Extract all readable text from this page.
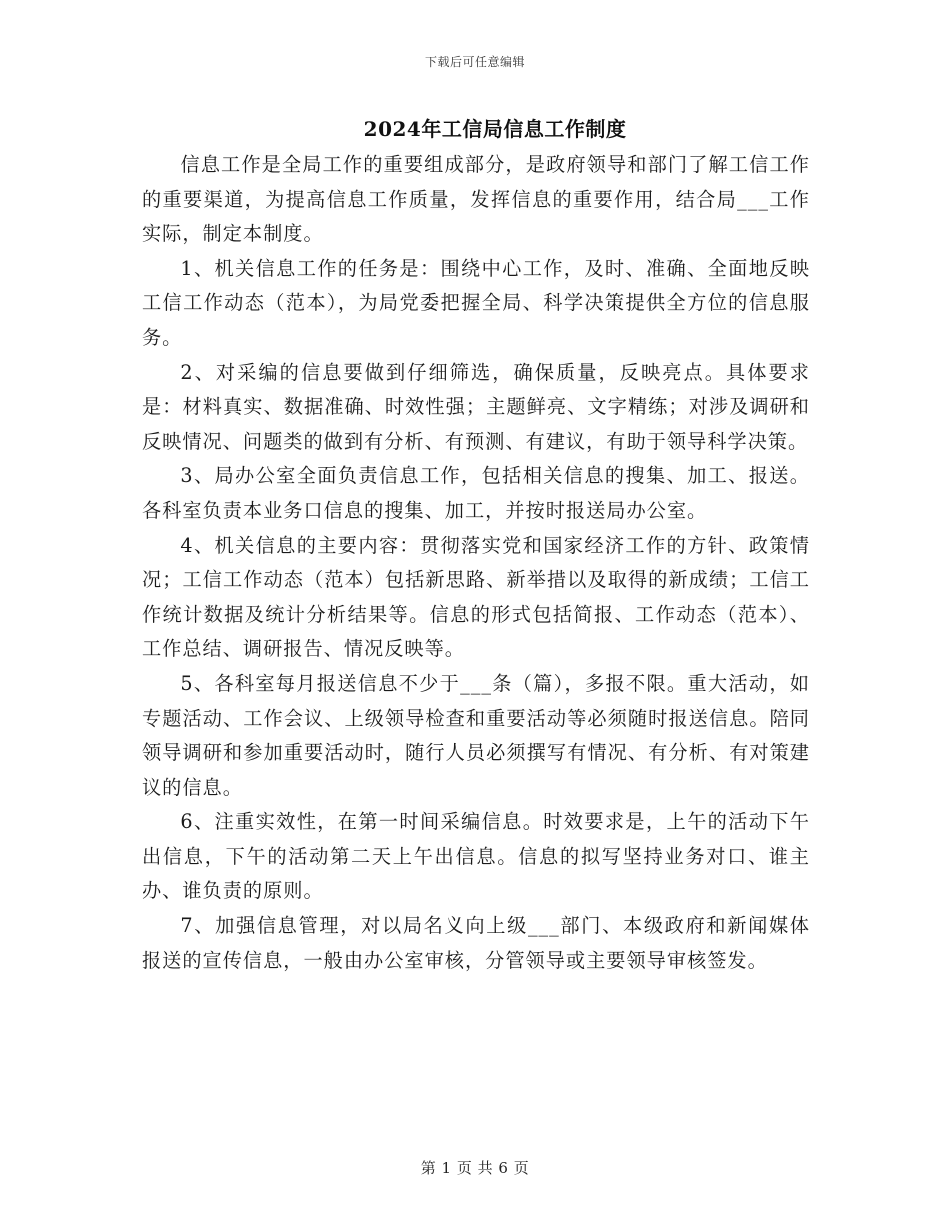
下载后可任意编辑
2024年工信局信息工作制度

信息工作是全局工作的重要组成部分，是政府领导和部门了解工信工作的重要渠道，为提高信息工作质量，发挥信息的重要作用，结合局___工作实际，制定本制度。

1、机关信息工作的任务是：围绕中心工作，及时、准确、全面地反映工信工作动态（范本），为局党委把握全局、科学决策提供全方位的信息服务。

2、对采编的信息要做到仔细筛选，确保质量，反映亮点。具体要求是：材料真实、数据准确、时效性强；主题鲜亮、文字精练；对涉及调研和反映情况、问题类的做到有分析、有预测、有建议，有助于领导科学决策。

3、局办公室全面负责信息工作，包括相关信息的搜集、加工、报送。各科室负责本业务口信息的搜集、加工，并按时报送局办公室。

4、机关信息的主要内容：贯彻落实党和国家经济工作的方针、政策情况；工信工作动态（范本）包括新思路、新举措以及取得的新成绩；工信工作统计数据及统计分析结果等。信息的形式包括简报、工作动态（范本）、工作总结、调研报告、情况反映等。

5、各科室每月报送信息不少于___条（篇），多报不限。重大活动，如专题活动、工作会议、上级领导检查和重要活动等必须随时报送信息。陪同领导调研和参加重要活动时，随行人员必须撰写有情况、有分析、有对策建议的信息。

6、注重实效性，在第一时间采编信息。时效要求是，上午的活动下午出信息，下午的活动第二天上午出信息。信息的拟写坚持业务对口、谁主办、谁负责的原则。

7、加强信息管理，对以局名义向上级___部门、本级政府和新闻媒体报送的宣传信息，一般由办公室审核，分管领导或主要领导审核签发。

第 1 页 共 6 页
